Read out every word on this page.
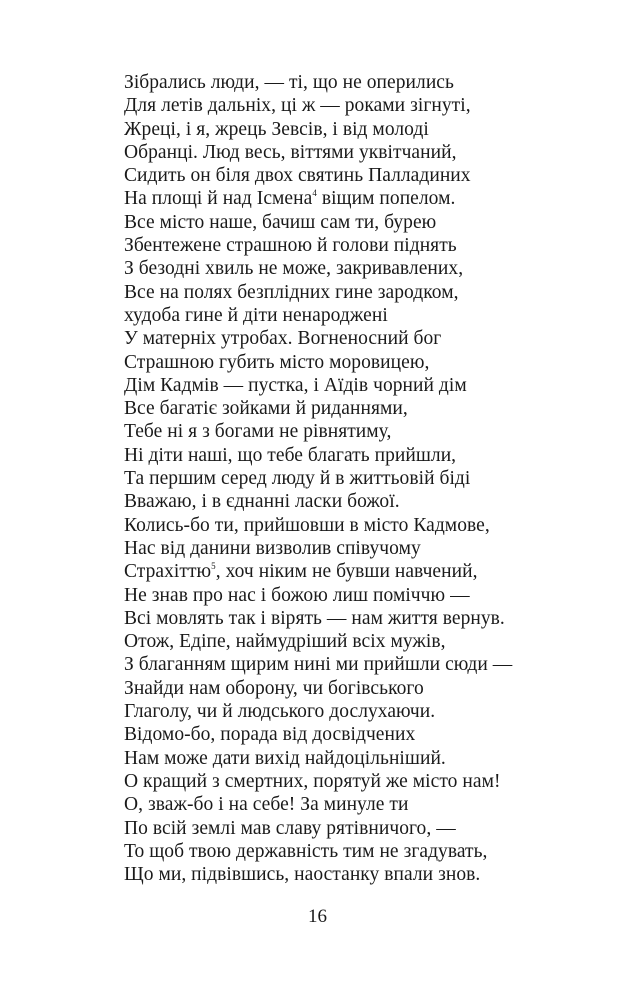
Зібрались люди, — ті, що не оперились
Для летів дальніх, ці ж — роками зігнуті,
Жреці, і я, жрець Зевсів, і від молоді
Обранці. Люд весь, віттями уквітчаний,
Сидить он біля двох святинь Палладиних
На площі й над Ісмена$^4$ віщим попелом.
Все місто наше, бачиш сам ти, бурею
Збентежене страшною й голови піднять
З безодні хвиль не може, закривавлених,
Все на полях безплідних гине зародком,
худоба гине й діти ненароджені
У матерніх утробах. Вогненосний бог
Страшною губить місто моровицею,
Дім Кадмів — пустка, і Аїдів чорний дім
Все багатіє зойками й риданнями,
Тебе ні я з богами не рівнятиму,
Ні діти наші, що тебе благать прийшли,
Та першим серед люду й в життьовій біді
Вважаю, і в єднанні ласки божої.
Колись-бо ти, прийшовши в місто Кадмове,
Нас від данини визволив співучому
Страхіттю$^5$, хоч ніким не бувши навчений,
Не знав про нас і божою лиш поміччю —
Всі мовлять так і вірять — нам життя вернув.
Отож, Едіпе, наймудріший всіх мужів,
З благанням щирим нині ми прийшли сюди —
Знайди нам оборону, чи богівського
Глаголу, чи й людського дослухаючи.
Відомо-бо, порада від досвідчених
Нам може дати вихід найдоцільніший.
О кращий з смертних, порятуй же місто нам!
О, зваж-бо і на себе! За минуле ти
По всій землі мав славу рятівничого, —
То щоб твою державність тим не згадувать,
Що ми, підвівшись, наостанку впали знов.
16
